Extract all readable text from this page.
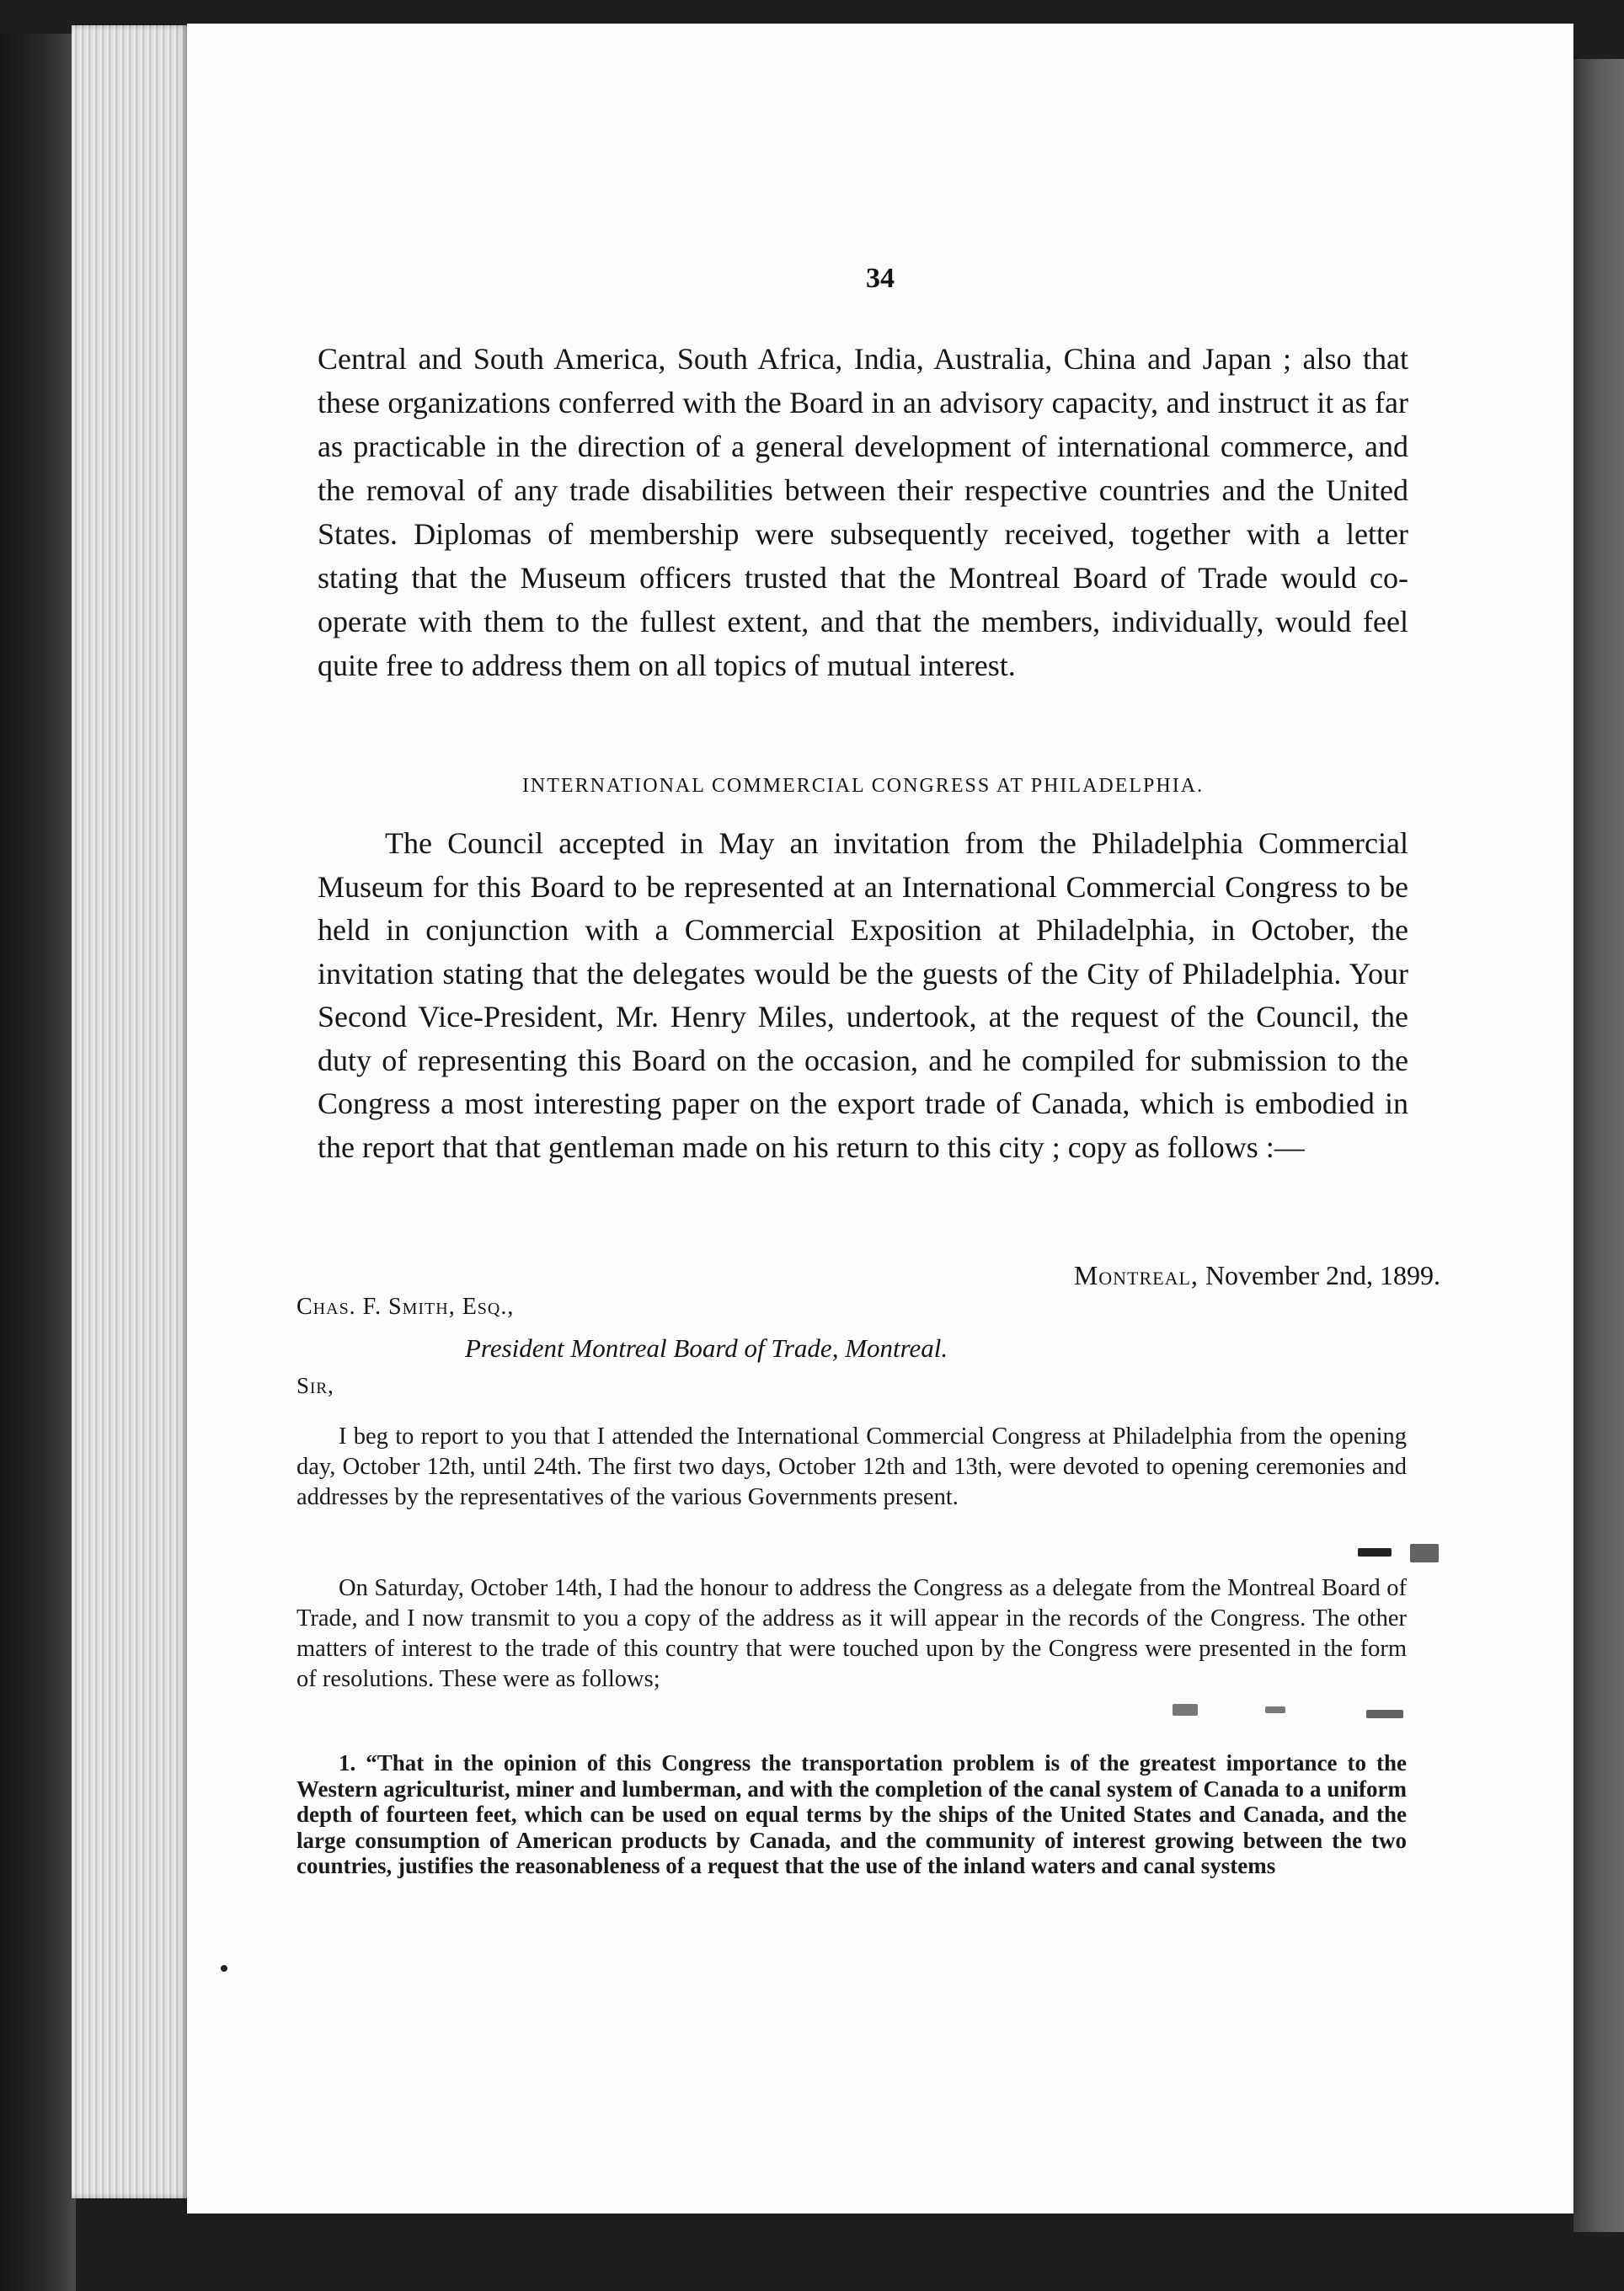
34

Central and South America, South Africa, India, Australia, China and Japan ; also that these organizations conferred with the Board in an advisory capacity, and instruct it as far as practicable in the direction of a general development of international commerce, and the removal of any trade disabilities between their respective countries and the United States. Diplomas of membership were subsequently received, together with a letter stating that the Museum officers trusted that the Montreal Board of Trade would co-operate with them to the fullest extent, and that the members, individually, would feel quite free to address them on all topics of mutual interest.

INTERNATIONAL COMMERCIAL CONGRESS AT PHILADELPHIA.

The Council accepted in May an invitation from the Philadelphia Commercial Museum for this Board to be represented at an International Commercial Congress to be held in conjunction with a Commercial Exposition at Philadelphia, in October, the invitation stating that the delegates would be the guests of the City of Philadelphia. Your Second Vice-President, Mr. Henry Miles, undertook, at the request of the Council, the duty of representing this Board on the occasion, and he compiled for submission to the Congress a most interesting paper on the export trade of Canada, which is embodied in the report that that gentleman made on his return to this city ; copy as follows :—

Montreal, November 2nd, 1899.
Chas. F. Smith, Esq.,
President Montreal Board of Trade, Montreal.
Sir,

I beg to report to you that I attended the International Commercial Congress at Philadelphia from the opening day, October 12th, until 24th. The first two days, October 12th and 13th, were devoted to opening ceremonies and addresses by the representatives of the various Governments present.

On Saturday, October 14th, I had the honour to address the Congress as a delegate from the Montreal Board of Trade, and I now transmit to you a copy of the address as it will appear in the records of the Congress. The other matters of interest to the trade of this country that were touched upon by the Congress were presented in the form of resolutions. These were as follows;

1. “That in the opinion of this Congress the transportation problem is of the greatest importance to the Western agriculturist, miner and lumberman, and with the completion of the canal system of Canada to a uniform depth of fourteen feet, which can be used on equal terms by the ships of the United States and Canada, and the large consumption of American products by Canada, and the community of interest growing between the two countries, justifies the reasonableness of a request that the use of the inland waters and canal systems
